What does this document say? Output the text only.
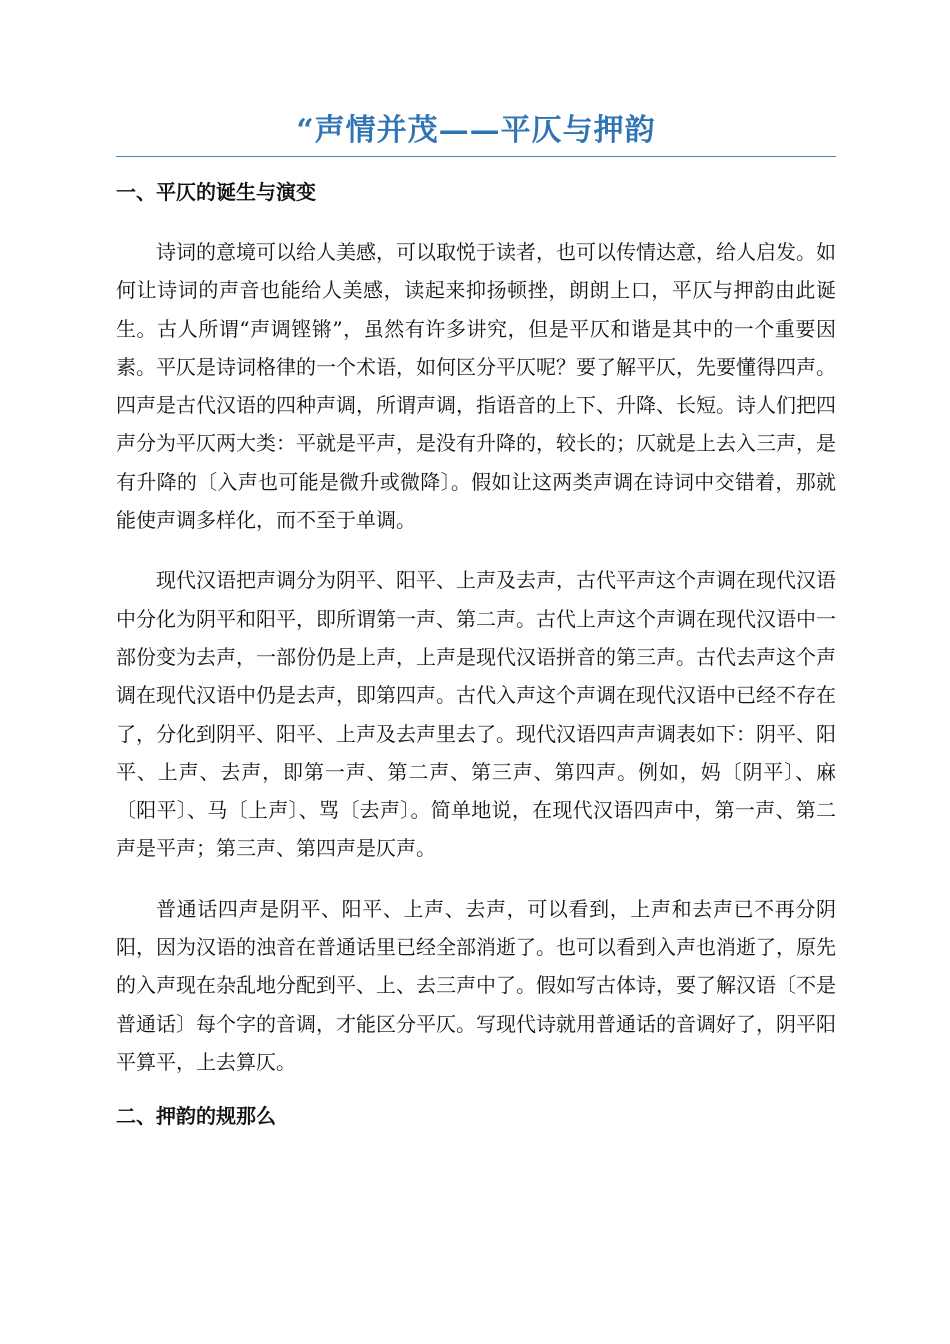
“声情并茂——平仄与押韵
一、平仄的诞生与演变

诗词的意境可以给人美感，可以取悦于读者，也可以传情达意，给人启发。如何让诗词的声音也能给人美感，读起来抑扬顿挫，朗朗上口，平仄与押韵由此诞生。古人所谓“声调铿锵”，虽然有许多讲究，但是平仄和谐是其中的一个重要因素。平仄是诗词格律的一个术语，如何区分平仄呢？要了解平仄，先要懂得四声。四声是古代汉语的四种声调，所谓声调，指语音的上下、升降、长短。诗人们把四声分为平仄两大类：平就是平声，是没有升降的，较长的；仄就是上去入三声，是有升降的〔入声也可能是微升或微降〕。假如让这两类声调在诗词中交错着，那就能使声调多样化，而不至于单调。

现代汉语把声调分为阴平、阳平、上声及去声，古代平声这个声调在现代汉语中分化为阴平和阳平，即所谓第一声、第二声。古代上声这个声调在现代汉语中一部份变为去声，一部份仍是上声，上声是现代汉语拼音的第三声。古代去声这个声调在现代汉语中仍是去声，即第四声。古代入声这个声调在现代汉语中已经不存在了，分化到阴平、阳平、上声及去声里去了。现代汉语四声声调表如下：阴平、阳平、上声、去声，即第一声、第二声、第三声、第四声。例如，妈〔阴平〕、麻〔阳平〕、马〔上声〕、骂〔去声〕。简单地说，在现代汉语四声中，第一声、第二声是平声；第三声、第四声是仄声。

普通话四声是阴平、阳平、上声、去声，可以看到，上声和去声已不再分阴阳，因为汉语的浊音在普通话里已经全部消逝了。也可以看到入声也消逝了，原先的入声现在杂乱地分配到平、上、去三声中了。假如写古体诗，要了解汉语〔不是普通话〕每个字的音调，才能区分平仄。写现代诗就用普通话的音调好了，阴平阳平算平，上去算仄。

二、押韵的规那么
